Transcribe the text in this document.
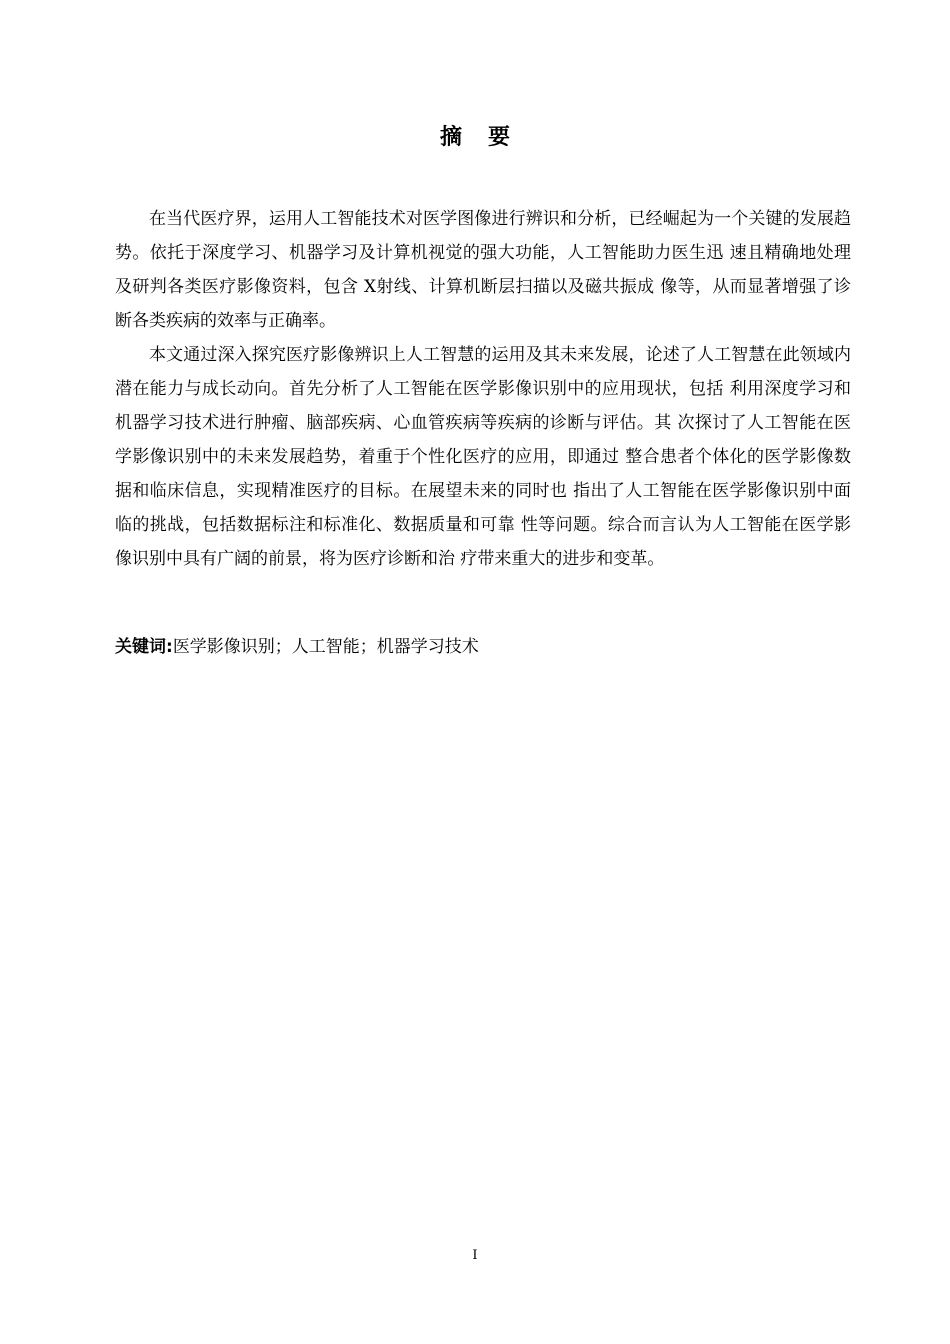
摘要

在当代医疗界，运用人工智能技术对医学图像进行辨识和分析，已经崛起为一个关键的发展趋势。依托于深度学习、机器学习及计算机视觉的强大功能，人工智能助力医生迅 速且精确地处理及研判各类医疗影像资料，包含 X射线、计算机断层扫描以及磁共振成 像等，从而显著增强了诊断各类疾病的效率与正确率。

本文通过深入探究医疗影像辨识上人工智慧的运用及其未来发展，论述了人工智慧在此领域内潜在能力与成长动向。首先分析了人工智能在医学影像识别中的应用现状，包括 利用深度学习和机器学习技术进行肿瘤、脑部疾病、心血管疾病等疾病的诊断与评估。其 次探讨了人工智能在医学影像识别中的未来发展趋势，着重于个性化医疗的应用，即通过 整合患者个体化的医学影像数据和临床信息，实现精准医疗的目标。在展望未来的同时也 指出了人工智能在医学影像识别中面临的挑战，包括数据标注和标准化、数据质量和可靠 性等问题。综合而言认为人工智能在医学影像识别中具有广阔的前景，将为医疗诊断和治 疗带来重大的进步和变革。

关键词:医学影像识别；人工智能；机器学习技术

I
